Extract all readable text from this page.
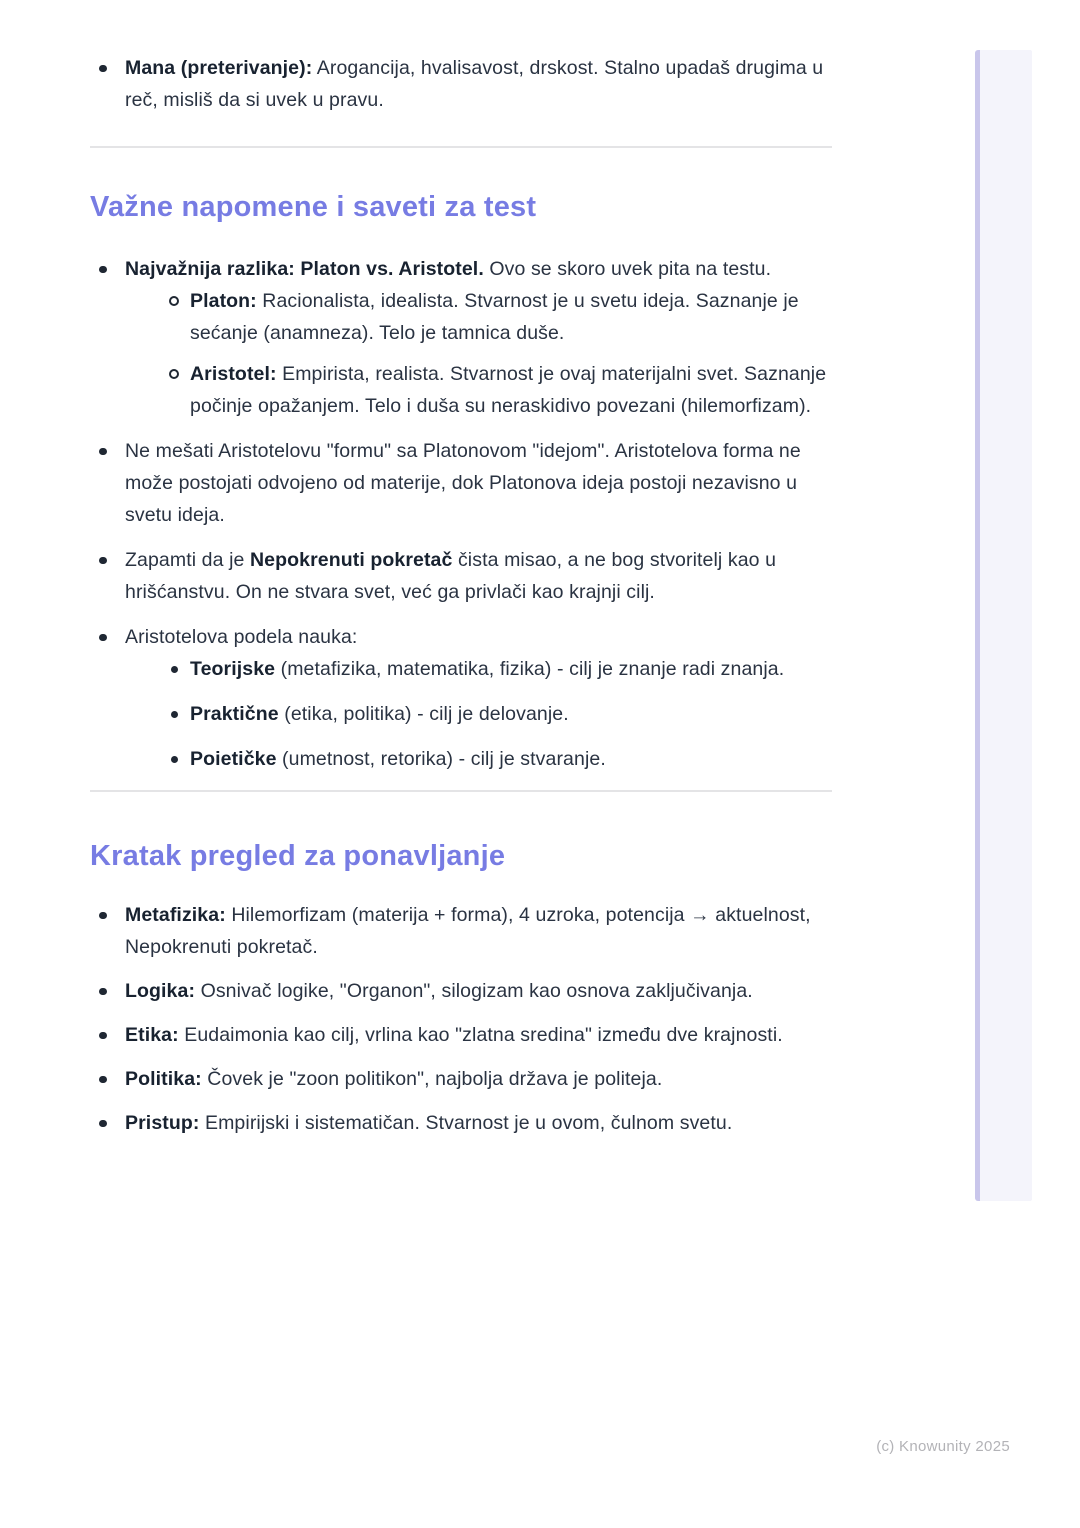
Mana (preterivanje): Arogancija, hvalisavost, drskost. Stalno upadaš drugima u reč, misliš da si uvek u pravu.
Važne napomene i saveti za test
Najvažnija razlika: Platon vs. Aristotel. Ovo se skoro uvek pita na testu.
Platon: Racionalista, idealista. Stvarnost je u svetu ideja. Saznanje je sećanje (anamneza). Telo je tamnica duše.
Aristotel: Empirista, realista. Stvarnost je ovaj materijalni svet. Saznanje počinje opažanjem. Telo i duša su neraskidivo povezani (hilemorfizam).
Ne mešati Aristotelovu "formu" sa Platonovom "idejom". Aristotelova forma ne može postojati odvojeno od materije, dok Platonova ideja postoji nezavisno u svetu ideja.
Zapamti da je Nepokrenuti pokretač čista misao, a ne bog stvoritelj kao u hrišćanstvu. On ne stvara svet, već ga privlači kao krajnji cilj.
Aristotelova podela nauka:
Teorijske (metafizika, matematika, fizika) - cilj je znanje radi znanja.
Praktične (etika, politika) - cilj je delovanje.
Poietičke (umetnost, retorika) - cilj je stvaranje.
Kratak pregled za ponavljanje
Metafizika: Hilemorfizam (materija + forma), 4 uzroka, potencija → aktuelnost, Nepokrenuti pokretač.
Logika: Osnivač logike, "Organon", silogizam kao osnova zaključivanja.
Etika: Eudaimonia kao cilj, vrlina kao "zlatna sredina" između dve krajnosti.
Politika: Čovek je "zoon politikon", najbolja država je politeja.
Pristup: Empirijski i sistematičan. Stvarnost je u ovom, čulnom svetu.
(c) Knowunity 2025
